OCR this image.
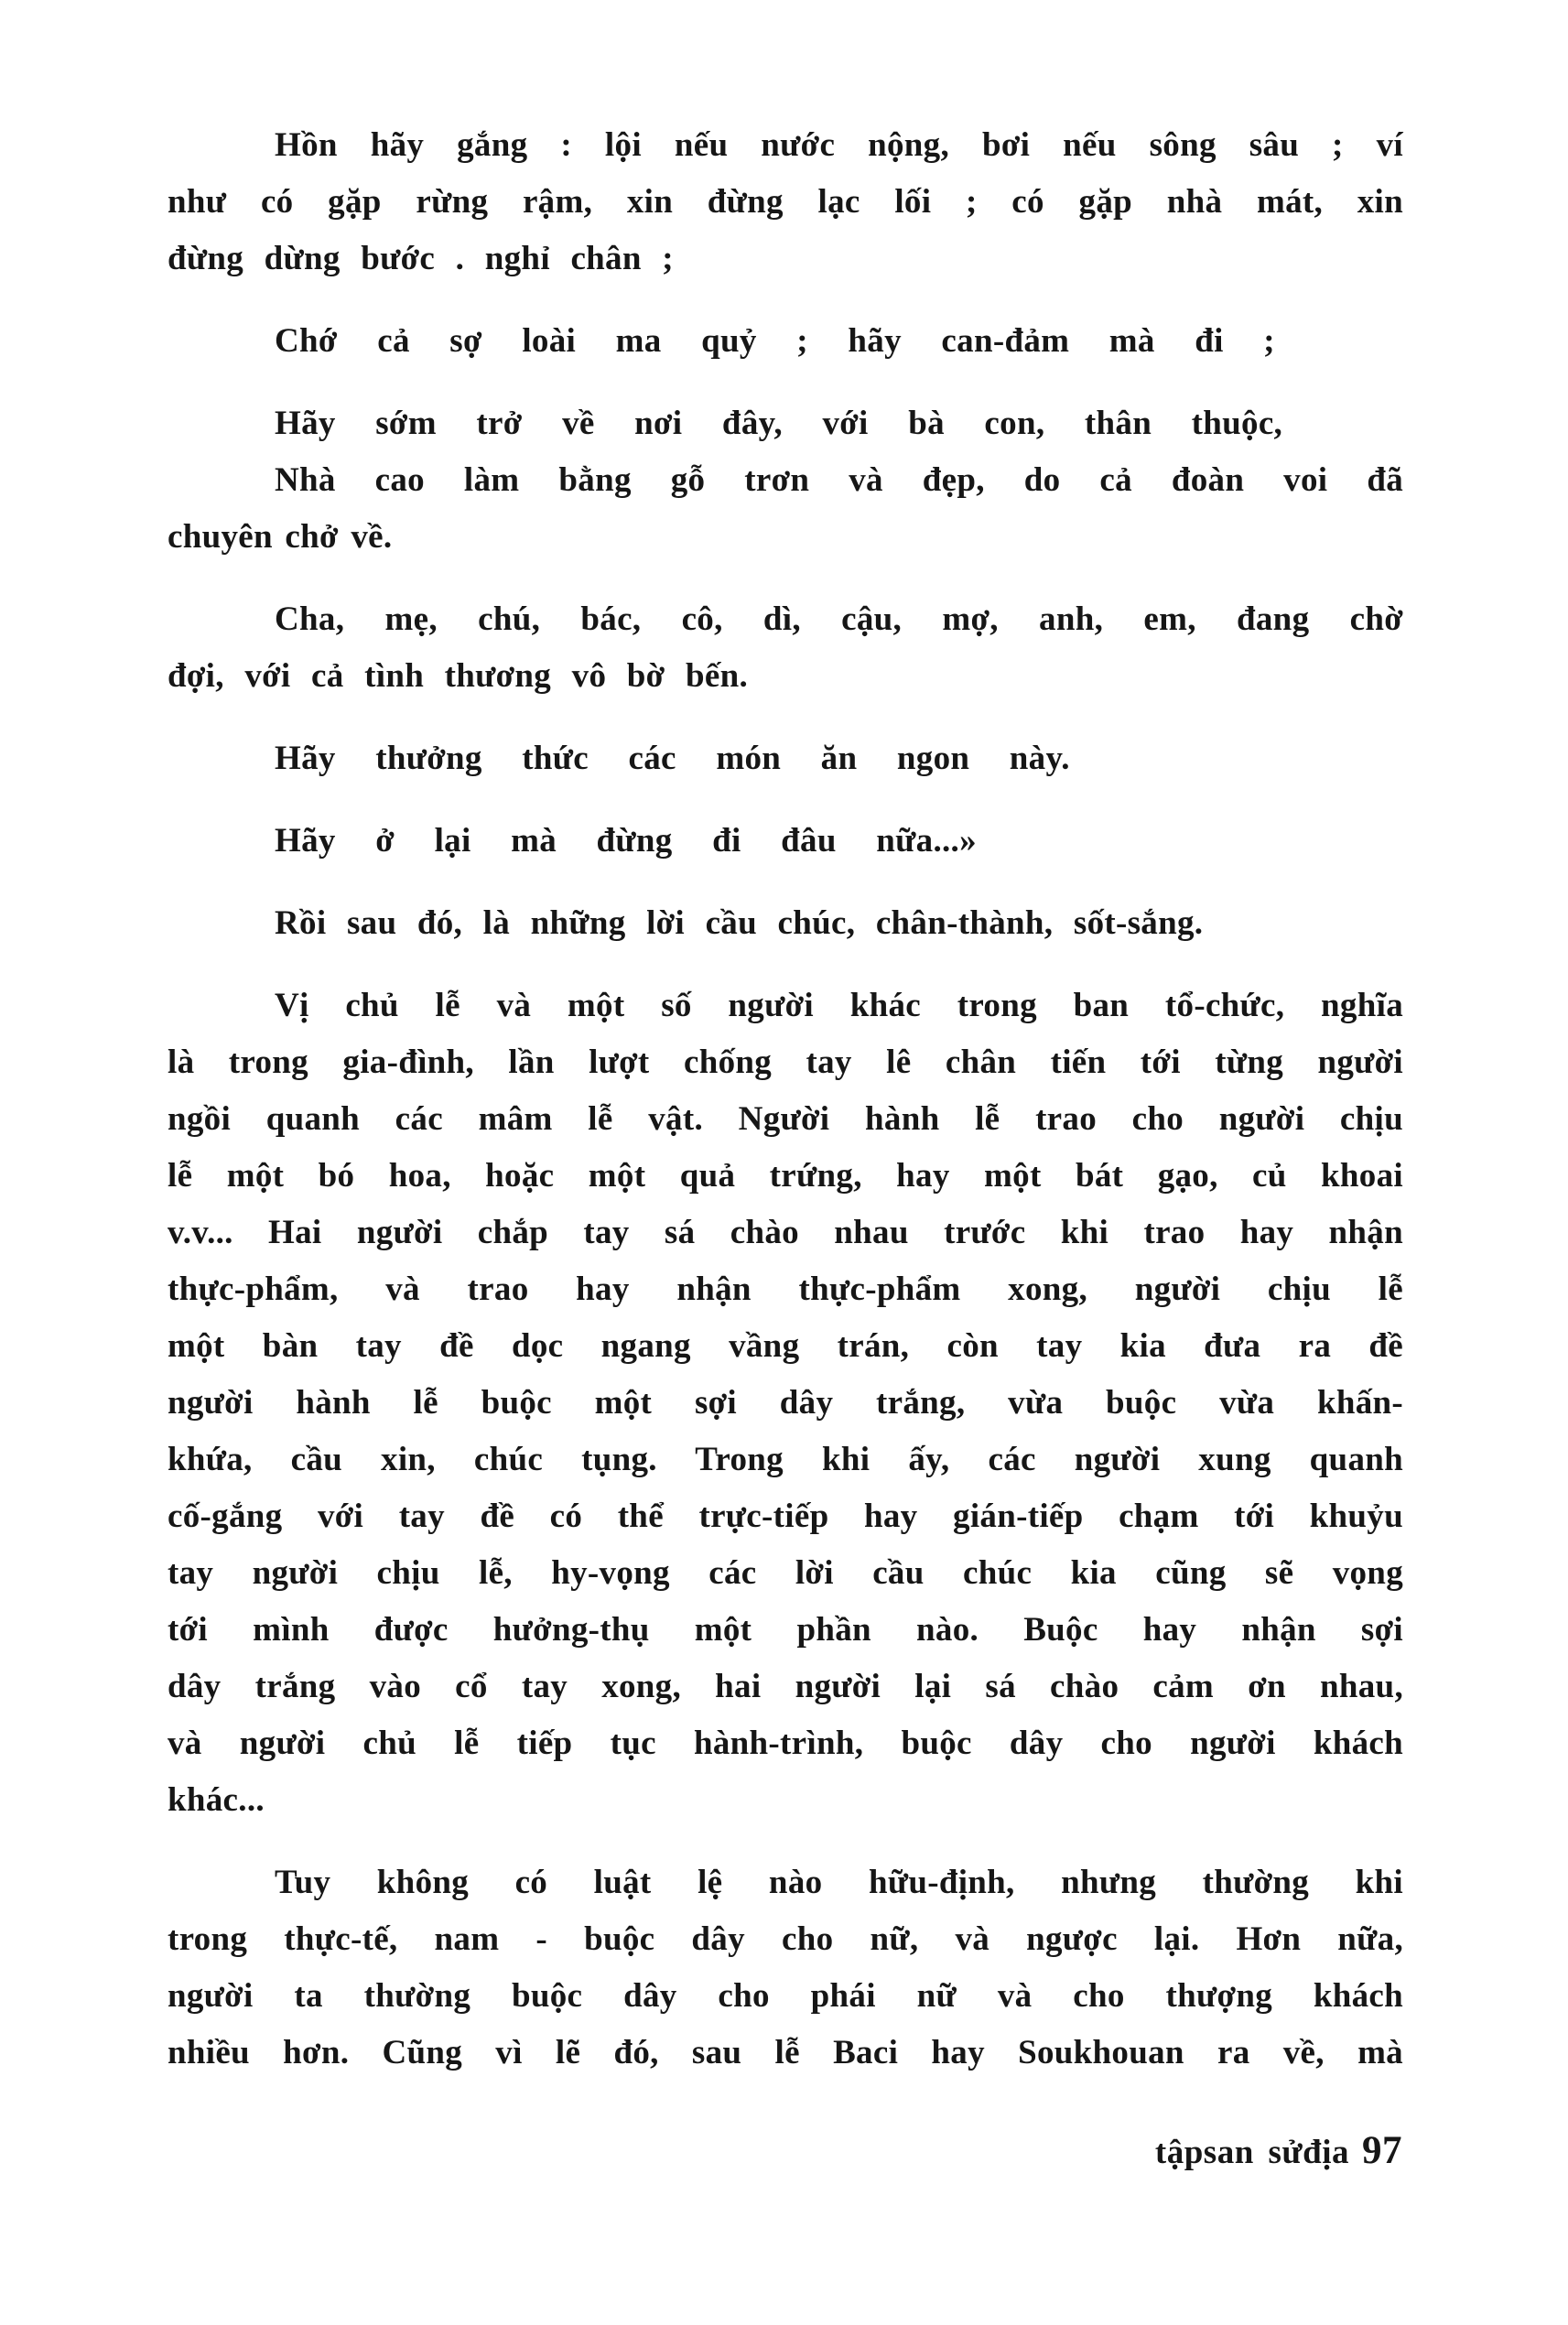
Hồn hãy gắng : lội nếu nước nộng, bơi nếu sông sâu ; ví
như có gặp rừng rậm, xin đừng lạc lối ; có gặp nhà mát, xin
đừng dừng bước . nghỉ chân ;
Chớ cả sợ loài ma quỷ ; hãy can-đảm mà đi ;
Hãy sớm trở về nơi đây, với bà con, thân thuộc,
Nhà cao làm bằng gỗ trơn và đẹp, do cả đoàn voi đã
chuyên chở về.
Cha, mẹ, chú, bác, cô, dì, cậu, mợ, anh, em, đang chờ
đợi, với cả tình thương vô bờ bến.
Hãy thưởng thức các món ăn ngon này.
Hãy ở lại mà đừng đi đâu nữa...»
Rồi sau đó, là những lời cầu chúc, chân-thành, sốt-sắng.
Vị chủ lễ và một số người khác trong ban tổ-chức, nghĩa
là trong gia-đình, lần lượt chống tay lê chân tiến tới từng người
ngồi quanh các mâm lễ vật. Người hành lễ trao cho người chịu
lễ một bó hoa, hoặc một quả trứng, hay một bát gạo, củ khoai
v.v... Hai người chắp tay sá chào nhau trước khi trao hay nhận
thực-phẩm, và trao hay nhận thực-phẩm xong, người chịu lễ
một bàn tay đề dọc ngang vầng trán, còn tay kia đưa ra đề
người hành lễ buộc một sợi dây trắng, vừa buộc vừa khấn-
khứa, cầu xin, chúc tụng. Trong khi ấy, các người xung quanh
cố-gắng với tay đề có thể trực-tiếp hay gián-tiếp chạm tới khuỷu
tay người chịu lễ, hy-vọng các lời cầu chúc kia cũng sẽ vọng
tới mình được hưởng-thụ một phần nào. Buộc hay nhận sợi
dây trắng vào cổ tay xong, hai người lại sá chào cảm ơn nhau,
và người chủ lễ tiếp tục hành-trình, buộc dây cho người khách
khác...
Tuy không có luật lệ nào hữu-định, nhưng thường khi
trong thực-tế, nam - buộc dây cho nữ, và ngược lại. Hơn nữa,
người ta thường buộc dây cho phái nữ và cho thượng khách
nhiều hơn. Cũng vì lẽ đó, sau lễ Baci hay Soukhouan ra về, mà
tậpsan sửđịa 97
